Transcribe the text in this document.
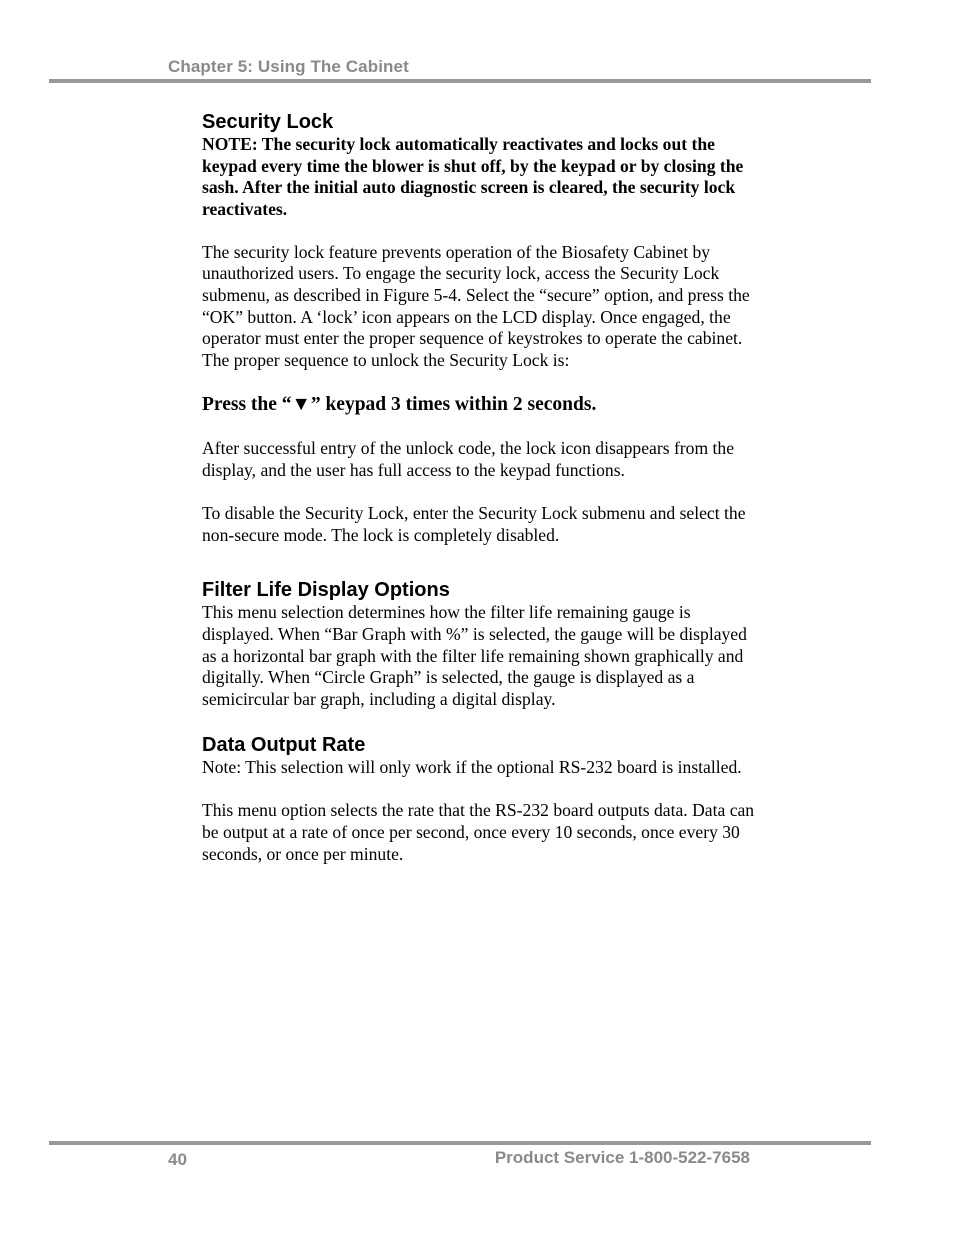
Chapter 5: Using The Cabinet
Security Lock

NOTE: The security lock automatically reactivates and locks out the keypad every time the blower is shut off, by the keypad or by closing the sash. After the initial auto diagnostic screen is cleared, the security lock reactivates.

The security lock feature prevents operation of the Biosafety Cabinet by unauthorized users. To engage the security lock, access the Security Lock submenu, as described in Figure 5-4. Select the “secure” option, and press the “OK” button. A ‘lock’ icon appears on the LCD display. Once engaged, the operator must enter the proper sequence of keystrokes to operate the cabinet. The proper sequence to unlock the Security Lock is:

Press the “▼” keypad 3 times within 2 seconds.

After successful entry of the unlock code, the lock icon disappears from the display, and the user has full access to the keypad functions.

To disable the Security Lock, enter the Security Lock submenu and select the non-secure mode. The lock is completely disabled.

Filter Life Display Options

This menu selection determines how the filter life remaining gauge is displayed. When “Bar Graph with %” is selected, the gauge will be displayed as a horizontal bar graph with the filter life remaining shown graphically and digitally. When “Circle Graph” is selected, the gauge is displayed as a semicircular bar graph, including a digital display.

Data Output Rate

Note: This selection will only work if the optional RS-232 board is installed.

This menu option selects the rate that the RS-232 board outputs data. Data can be output at a rate of once per second, once every 10 seconds, once every 30 seconds, or once per minute.

40	Product Service 1-800-522-7658
